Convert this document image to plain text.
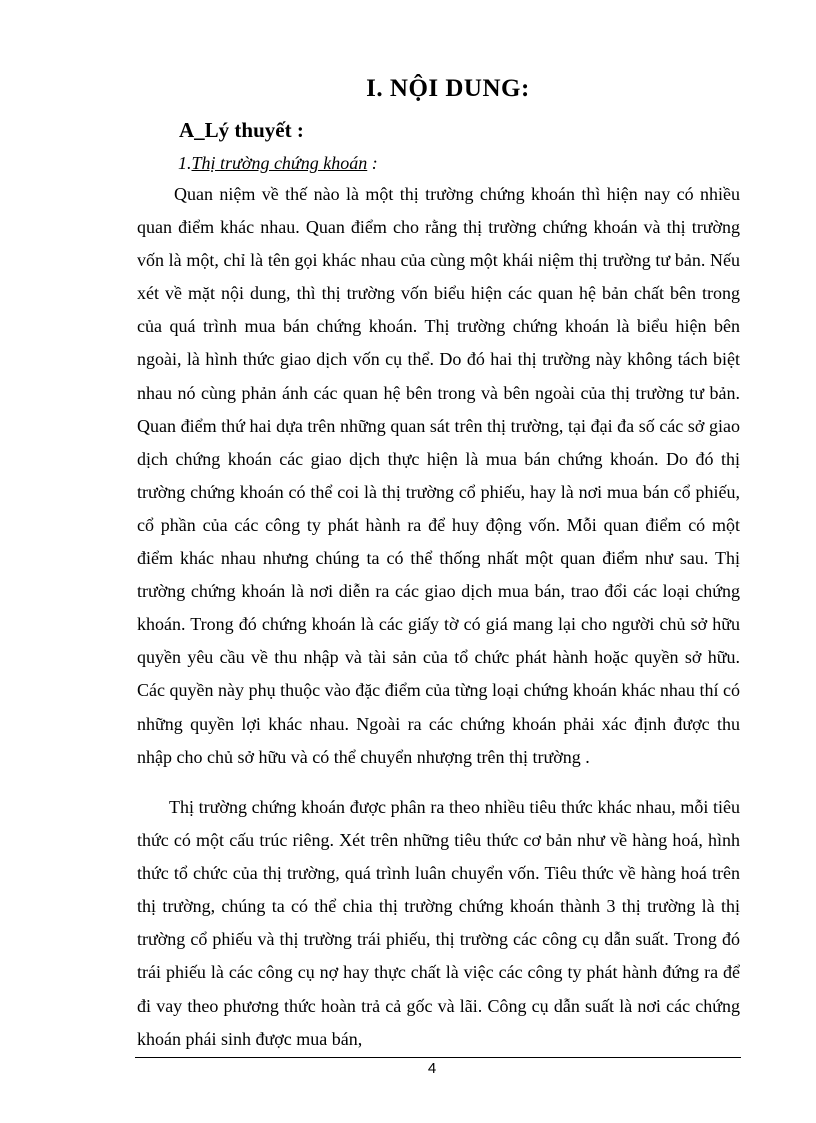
I. NỘI DUNG:
A_Lý thuyết :
1.Thị trường chứng khoán :

Quan niệm về thế nào là một thị trường chứng khoán thì hiện nay có nhiều quan điểm khác nhau. Quan điểm cho rằng thị trường chứng khoán và thị trường vốn là một, chỉ là tên gọi khác nhau của cùng một khái niệm thị trường tư bản. Nếu xét về mặt nội dung, thì thị trường vốn biểu hiện các quan hệ bản chất bên trong của quá trình mua bán chứng khoán. Thị trường chứng khoán là biểu hiện bên ngoài, là hình thức giao dịch vốn cụ thể. Do đó hai thị trường này không tách biệt nhau nó cùng phản ánh các quan hệ bên trong và bên ngoài của thị trường tư bản. Quan điểm thứ hai dựa trên những quan sát trên thị trường, tại đại đa số các sở giao dịch chứng khoán các giao dịch thực hiện là mua bán chứng khoán. Do đó thị trường chứng khoán có thể coi là thị trường cổ phiếu, hay là nơi mua bán cổ phiếu, cổ phần của các công ty phát hành ra để huy động vốn. Mỗi quan điểm có một điểm khác nhau nhưng chúng ta có thể thống nhất một quan điểm như sau. Thị trường chứng khoán là nơi diễn ra các giao dịch mua bán, trao đổi các loại chứng khoán. Trong đó chứng khoán là các giấy tờ có giá mang lại cho người chủ sở hữu quyền yêu cầu về thu nhập và tài sản của tổ chức phát hành hoặc quyền sở hữu. Các quyền này phụ thuộc vào đặc điểm của từng loại chứng khoán khác nhau thí có những quyền lợi khác nhau. Ngoài ra các chứng khoán phải xác định được thu nhập cho chủ sở hữu và có thể chuyển nhượng trên thị trường .

Thị trường chứng khoán được phân ra theo nhiều tiêu thức khác nhau, mỗi tiêu thức có một cấu trúc riêng. Xét trên những tiêu thức cơ bản như về hàng hoá, hình thức tổ chức của thị trường, quá trình luân chuyển vốn. Tiêu thức về hàng hoá trên thị trường, chúng ta có thể chia thị trường chứng khoán thành 3 thị trường là thị trường cổ phiếu và thị trường trái phiếu, thị trường các công cụ dẫn suất. Trong đó trái phiếu là các công cụ nợ hay thực chất là việc các công ty phát hành đứng ra để đi vay theo phương thức hoàn trả cả gốc và lãi. Công cụ dẫn suất là nơi các chứng khoán phái sinh được mua bán,

4
